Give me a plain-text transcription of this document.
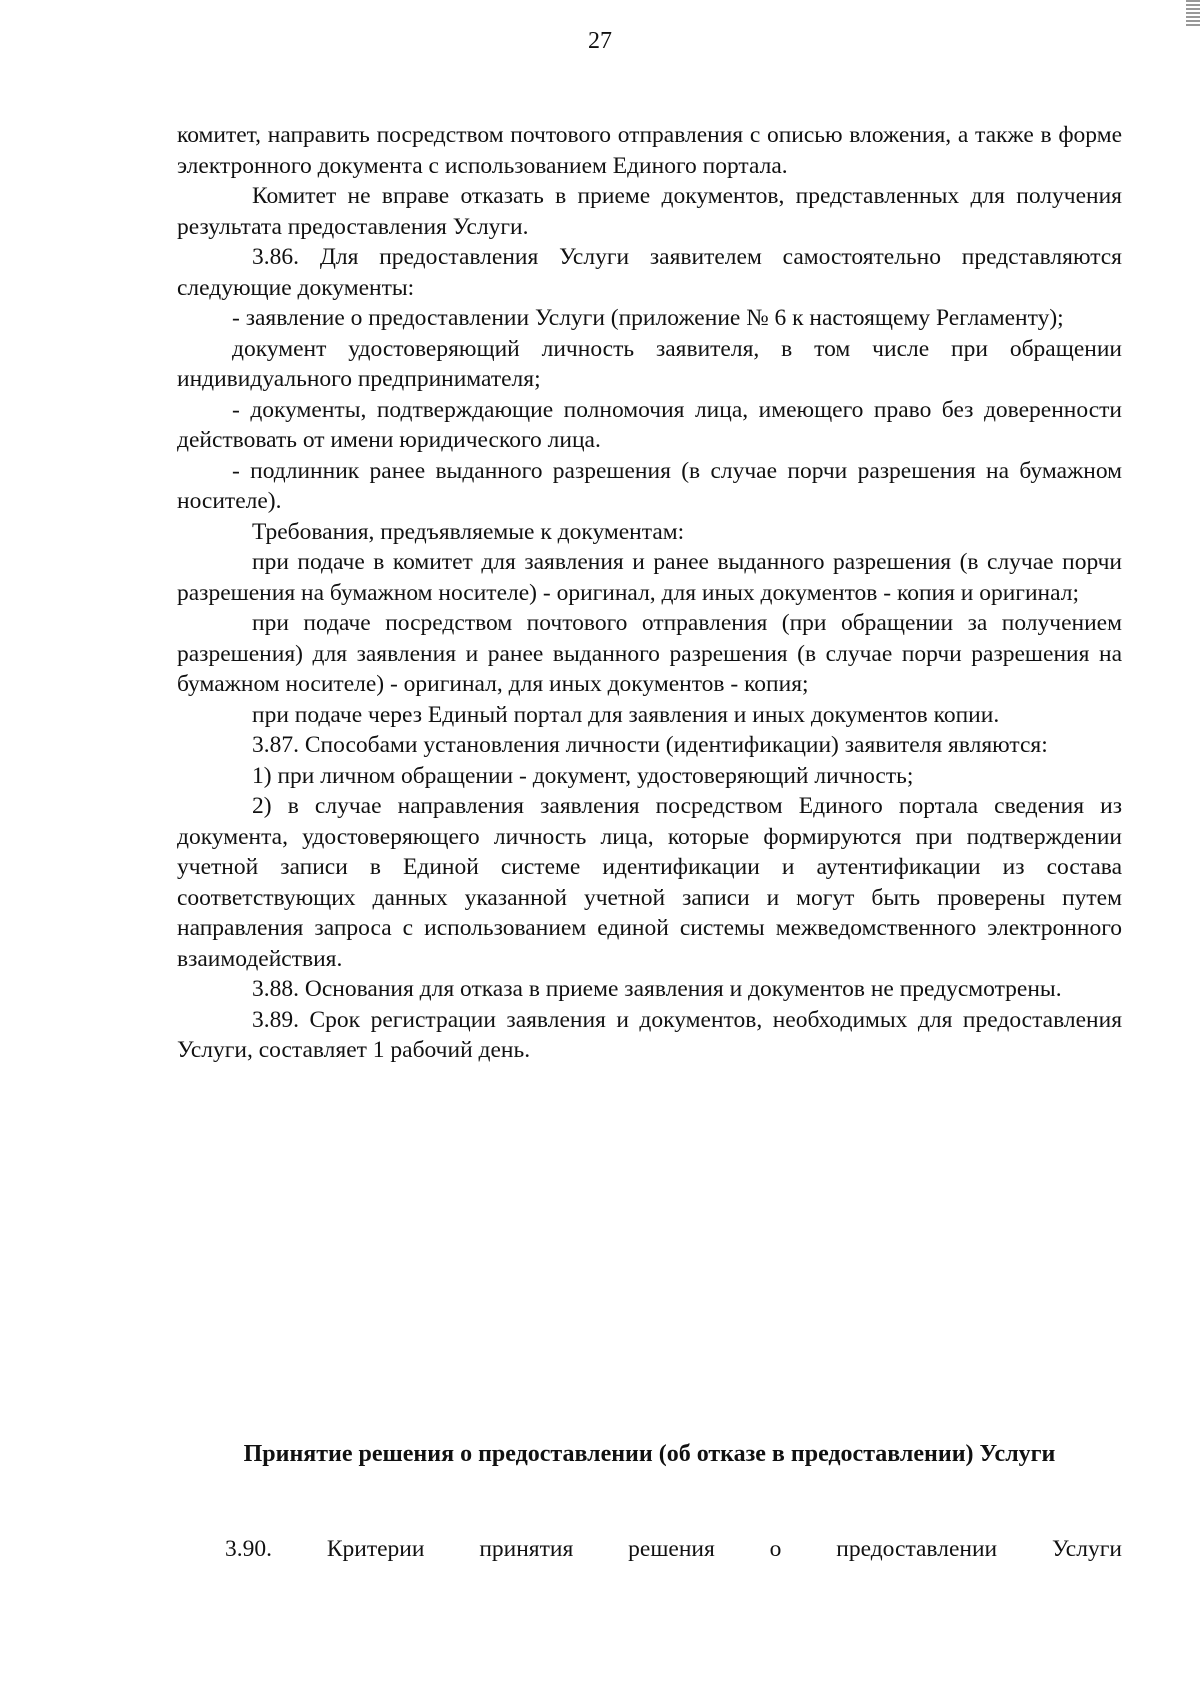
27

комитет, направить посредством почтового отправления с описью вложения, а также в форме электронного документа с использованием Единого портала.

Комитет не вправе отказать в приеме документов, представленных для получения результата предоставления Услуги.

3.86. Для предоставления Услуги заявителем самостоятельно представляются следующие документы:

- заявление о предоставлении Услуги (приложение № 6 к настоящему Регламенту);

документ удостоверяющий личность заявителя, в том числе при обращении индивидуального предпринимателя;

- документы, подтверждающие полномочия лица, имеющего право без доверенности действовать от имени юридического лица.

- подлинник ранее выданного разрешения (в случае порчи разрешения на бумажном носителе).

Требования, предъявляемые к документам:

при подаче в комитет для заявления и ранее выданного разрешения (в случае порчи разрешения на бумажном носителе) - оригинал, для иных документов - копия и оригинал;

при подаче посредством почтового отправления (при обращении за получением разрешения) для заявления и ранее выданного разрешения (в случае порчи разрешения на бумажном носителе) - оригинал, для иных документов - копия;

при подаче через Единый портал для заявления и иных документов копии.

3.87. Способами установления личности (идентификации) заявителя являются:

1) при личном обращении - документ, удостоверяющий личность;

2) в случае направления заявления посредством Единого портала сведения из документа, удостоверяющего личность лица, которые формируются при подтверждении учетной записи в Единой системе идентификации и аутентификации из состава соответствующих данных указанной учетной записи и могут быть проверены путем направления запроса с использованием единой системы межведомственного электронного взаимодействия.

3.88. Основания для отказа в приеме заявления и документов не предусмотрены.

3.89. Срок регистрации заявления и документов, необходимых для предоставления Услуги, составляет 1 рабочий день.

Принятие решения о предоставлении (об отказе в предоставлении) Услуги
3.90. Критерии принятия решения о предоставлении Услуги
